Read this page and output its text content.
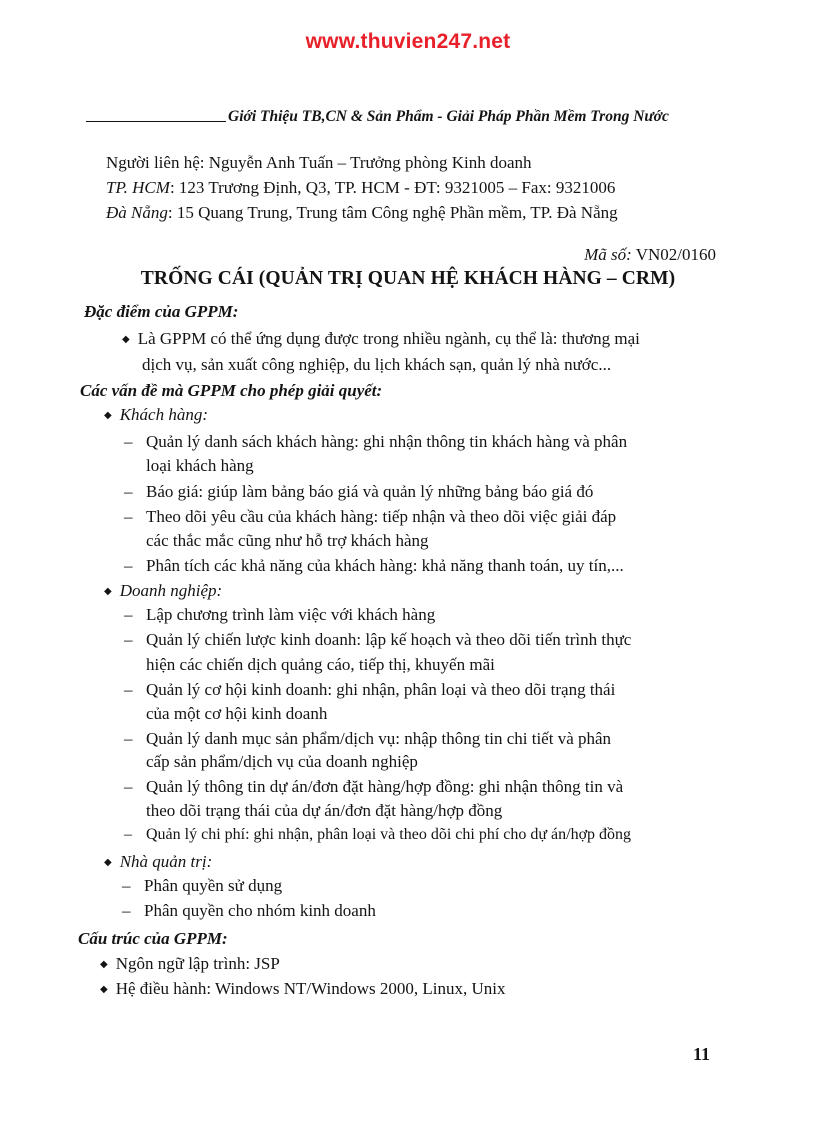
www.thuvien247.net
Giới Thiệu TB,CN & Sản Phẩm - Giải Pháp Phần Mềm Trong Nước
Người liên hệ: Nguyễn Anh Tuấn – Trưởng phòng Kinh doanh
TP. HCM: 123 Trương Định, Q3, TP. HCM - ĐT: 9321005 – Fax: 9321006
Đà Nẵng: 15 Quang Trung, Trung tâm Công nghệ Phần mềm, TP. Đà Nẵng
Mã số: VN02/0160
TRỐNG CÁI (QUẢN TRỊ QUAN HỆ KHÁCH HÀNG – CRM)
Đặc điểm của GPPM:
◆ Là GPPM có thể ứng dụng được trong nhiều ngành, cụ thể là: thương mại
dịch vụ, sản xuất công nghiệp, du lịch khách sạn, quản lý nhà nước...
Các vấn đề mà GPPM cho phép giải quyết:
◆ Khách hàng:
– Quản lý danh sách khách hàng: ghi nhận thông tin khách hàng và phân
loại khách hàng
– Báo giá: giúp làm bảng báo giá và quản lý những bảng báo giá đó
– Theo dõi yêu cầu của khách hàng: tiếp nhận và theo dõi việc giải đáp
các thắc mắc cũng như hỗ trợ khách hàng
– Phân tích các khả năng của khách hàng: khả năng thanh toán, uy tín,...
◆ Doanh nghiệp:
– Lập chương trình làm việc với khách hàng
– Quản lý chiến lược kinh doanh: lập kế hoạch và theo dõi tiến trình thực
hiện các chiến dịch quảng cáo, tiếp thị, khuyến mãi
– Quản lý cơ hội kinh doanh: ghi nhận, phân loại và theo dõi trạng thái
của một cơ hội kinh doanh
– Quản lý danh mục sản phẩm/dịch vụ: nhập thông tin chi tiết và phân
cấp sản phẩm/dịch vụ của doanh nghiệp
– Quản lý thông tin dự án/đơn đặt hàng/hợp đồng: ghi nhận thông tin và
theo dõi trạng thái của dự án/đơn đặt hàng/hợp đồng
– Quản lý chi phí: ghi nhận, phân loại và theo dõi chi phí cho dự án/hợp đồng
◆ Nhà quản trị:
– Phân quyền sử dụng
– Phân quyền cho nhóm kinh doanh
Cấu trúc của GPPM:
◆ Ngôn ngữ lập trình: JSP
◆ Hệ điều hành: Windows NT/Windows 2000, Linux, Unix
11
